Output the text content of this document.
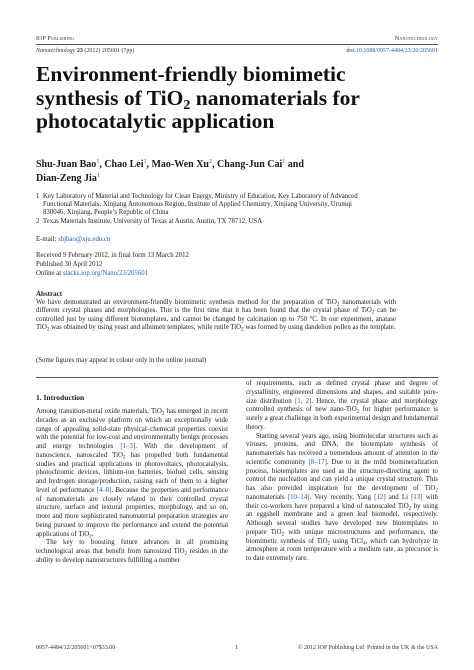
IOP Publishing	Nanotechnology
Nanotechnology 23 (2012) 205601 (7pp)	doi:10.1088/0957-4484/23/20/205601
Environment-friendly biomimetic
synthesis of TiO$_2$ nanomaterials for
photocatalytic application
Shu-Juan Bao$^1$, Chao Lei$^1$, Mao-Wen Xu$^2$, Chang-Jun Cai$^1$ and
Dian-Zeng Jia$^1$
1 Key Laboratory of Material and Technology for Clean Energy, Ministry of Education, Key Laboratory of Advanced Functional Materials, Xinjiang Autonomous Region, Institute of Applied Chemistry, Xinjiang University, Urumqi 830046, Xinjiang, People’s Republic of China
2 Texas Materials Institute, University of Texas at Austin, Austin, TX 78712, USA
E-mail: shjbao@xju.edu.cn
Received 9 February 2012, in final form 13 March 2012
Published 30 April 2012
Online at stacks.iop.org/Nano/23/205601
Abstract
We have demonstrated an environment-friendly biomimetic synthesis method for the preparation of TiO$_2$ nanomaterials with different crystal phases and morphologies. This is the first time that it has been found that the crystal phase of TiO$_2$ can be controlled just by using different biotemplates, and cannot be changed by calcination up to 750 °C. In our experiment, anatase TiO$_2$ was obtained by using yeast and albumen templates, while rutile TiO$_2$ was formed by using dandelion pollen as the template.
(Some figures may appear in colour only in the online journal)
1. Introduction

Among transition-metal oxide materials, TiO$_2$ has emerged in recent decades as an exclusive platform on which an exceptionally wide range of appealing solid-state physical–chemical properties coexist with the potential for low-cost and environmentally benign processes and energy technologies [1–3]. With the development of nanoscience, nanoscaled TiO$_2$ has propelled both fundamental studies and practical applications in photovoltaics, photocatalysis, photochromic devices, lithium-ion batteries, biofuel cells, sensing and hydrogen storage/production, raising each of them to a higher level of performance [4–8]. Because the properties and performance of nanomaterials are closely related to their controlled crystal structure, surface and textural properties, morphology, and so on, more and more sophisticated nanomaterial preparation strategies are being pursued to improve the performance and extend the potential applications of TiO$_2$.

The key to boosting future advances in all promising technological areas that benefit from nanosized TiO$_2$ resides in the ability to develop nanostructures fulfilling a number

of requirements, such as defined crystal phase and degree of crystallinity, engineered dimensions and shapes, and suitable pore-size distribution [1, 2]. Hence, the crystal phase and morphology controlled synthesis of new nano-TiO$_2$ for higher performance is surely a great challenge in both experimental design and fundamental theory.

Starting several years ago, using biomolecular structures such as viruses, proteins, and DNA, the biotemplate synthesis of nanomaterials has received a tremendous amount of attention in the scientific community [8–17]. Due to in the mild biomineralization process, biotemplates are used as the structure-directing agent to control the nucleation and can yield a unique crystal structure. This has also provided inspiration for the development of TiO$_2$ nanomaterials [10–14]. Very recently, Yang [12] and Li [13] with their co-workers have prepared a kind of nanoscaled TiO$_2$ by using an eggshell membrane and a green leaf biomodel, respectively. Although several studies have developed new biotemplates to prepare TiO$_2$ with unique microstructures and performance, the biomimetic synthesis of TiO$_2$ using TiCl$_4$, which can hydrolyze in atmosphere at room temperature with a medium rate, as precursor is to date extremely rare.

0957-4484/12/205601+07$33.00	1	© 2012 IOP Publishing Ltd Printed in the UK & the USA
